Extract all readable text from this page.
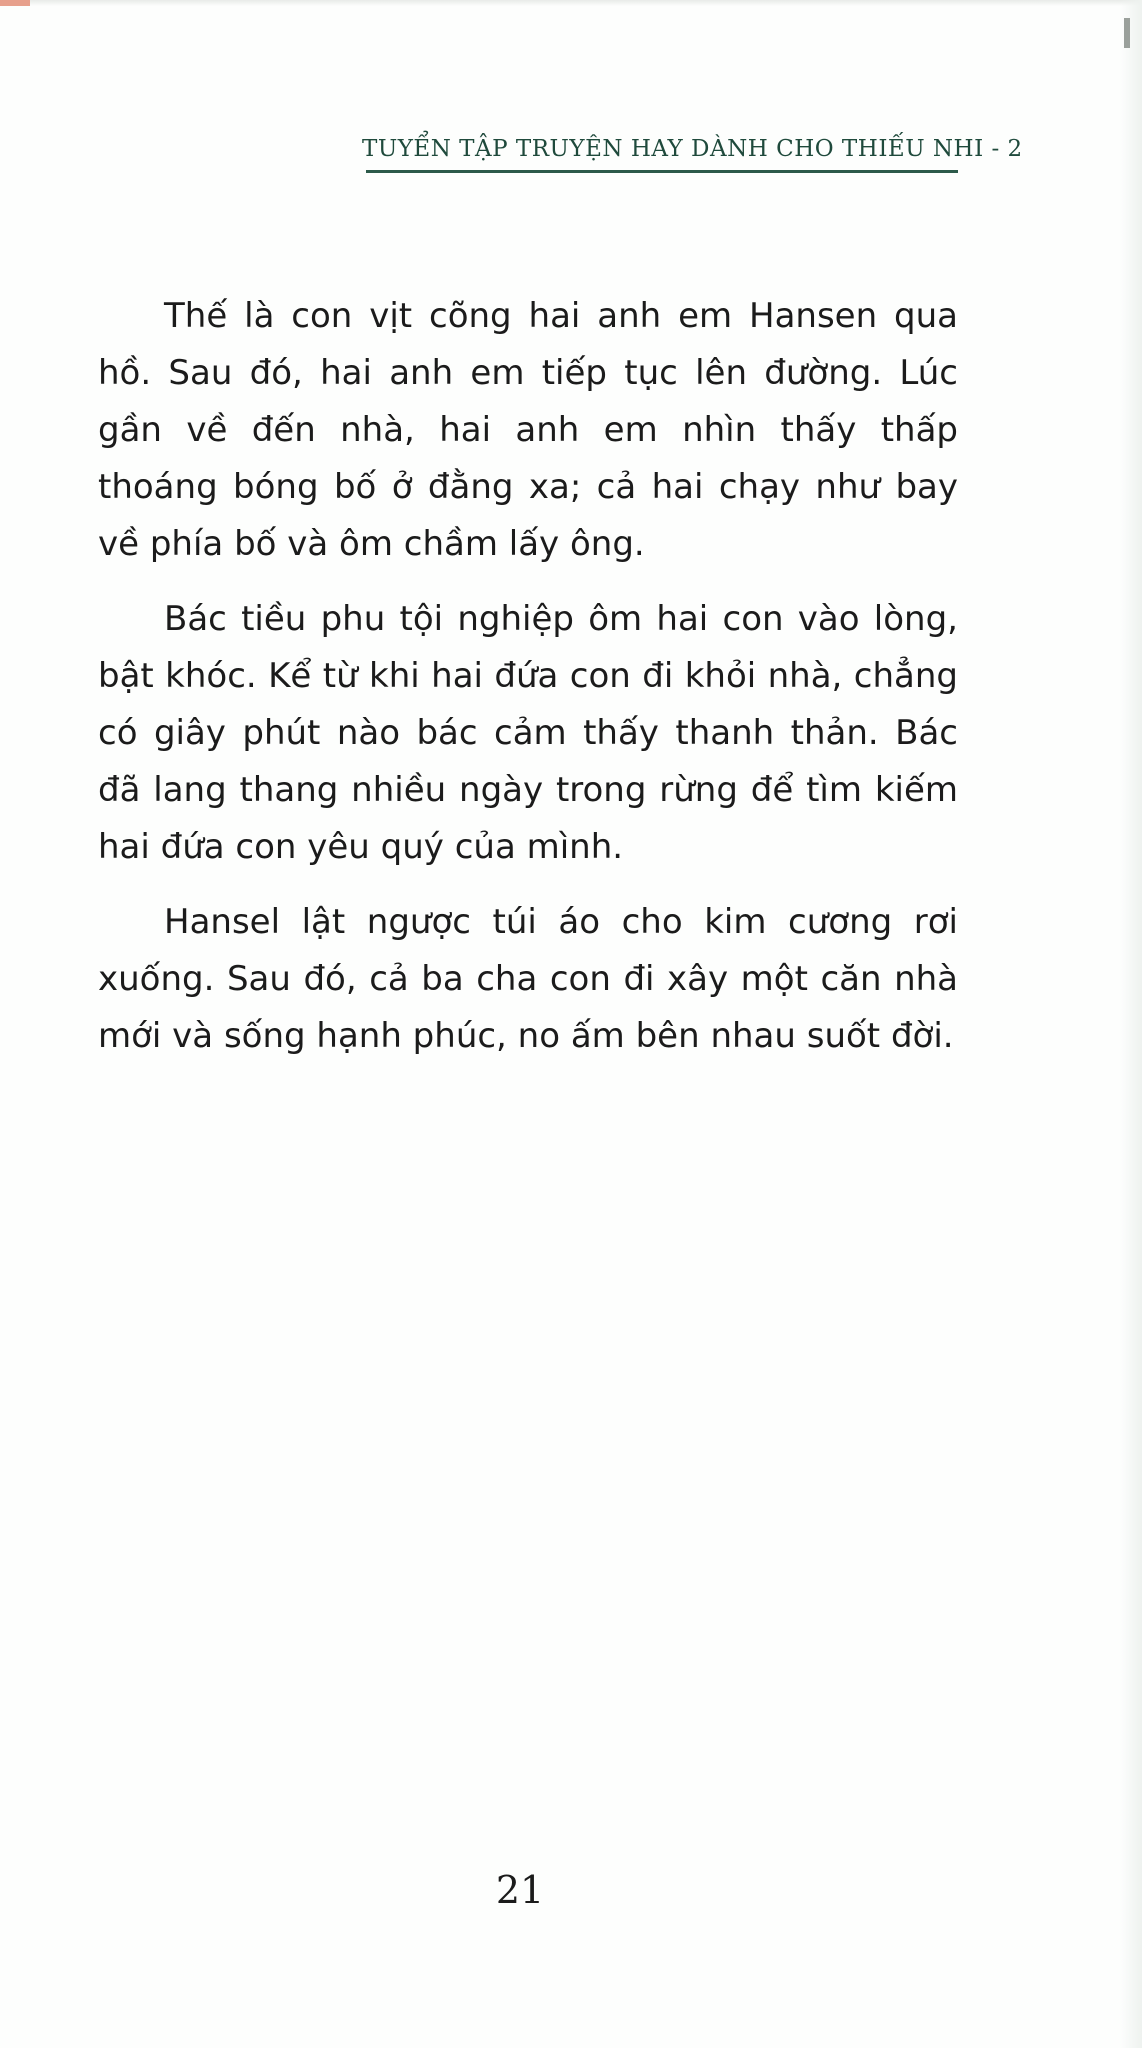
TUYỂN TẬP TRUYỆN HAY DÀNH CHO THIẾU NHI - 2

Thế là con vịt cõng hai anh em Hansen qua hồ. Sau đó, hai anh em tiếp tục lên đường. Lúc gần về đến nhà, hai anh em nhìn thấy thấp thoáng bóng bố ở đằng xa; cả hai chạy như bay về phía bố và ôm chầm lấy ông.

Bác tiều phu tội nghiệp ôm hai con vào lòng, bật khóc. Kể từ khi hai đứa con đi khỏi nhà, chẳng có giây phút nào bác cảm thấy thanh thản. Bác đã lang thang nhiều ngày trong rừng để tìm kiếm hai đứa con yêu quý của mình.

Hansel lật ngược túi áo cho kim cương rơi xuống. Sau đó, cả ba cha con đi xây một căn nhà mới và sống hạnh phúc, no ấm bên nhau suốt đời.

21
